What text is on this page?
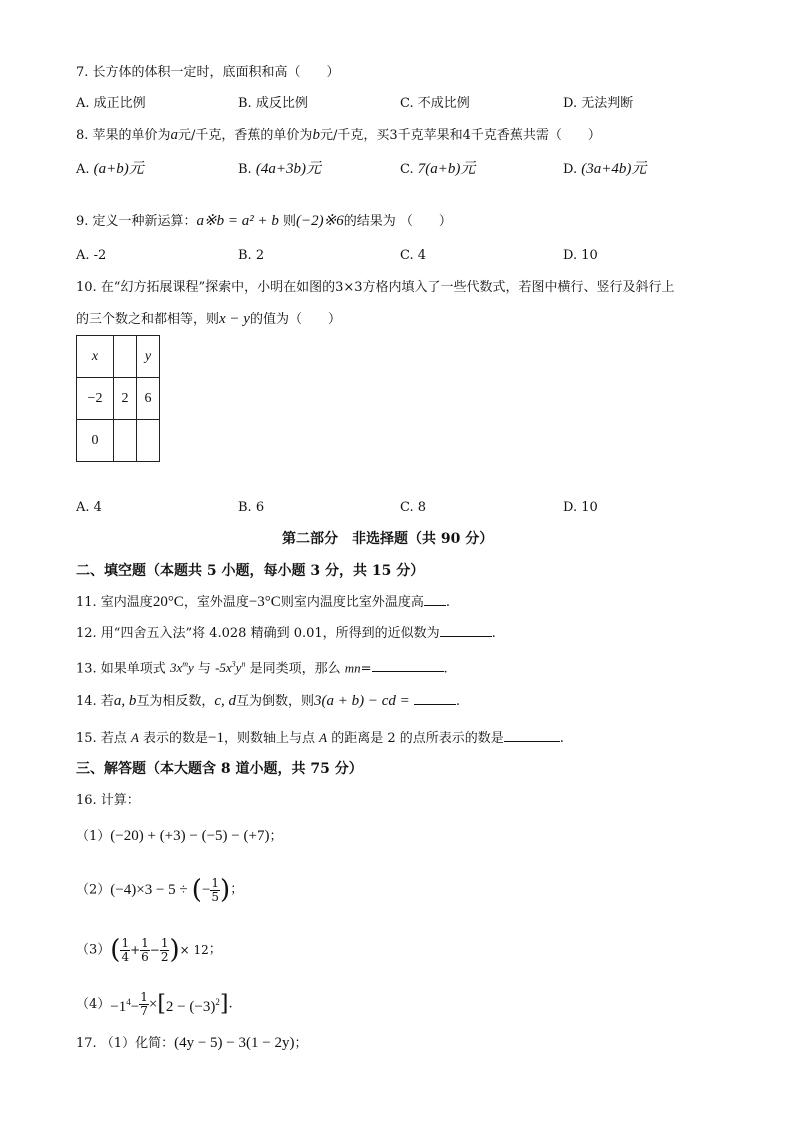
7. 长方体的体积一定时，底面积和高（　　）
A. 成正比例	B. 成反比例	C. 不成比例	D. 无法判断
8. 苹果的单价为a元/千克，香蕉的单价为b元/千克，买3千克苹果和4千克香蕉共需（　　）
A. (a+b)元	B. (4a+3b)元	C. 7(a+b)元	D. (3a+4b)元
9. 定义一种新运算：a※b = a² + b 则(−2)※6的结果为 （　　）
A. -2	B. 2	C. 4	D. 10
10. 在“幻方拓展课程”探索中，小明在如图的3×3方格内填入了一些代数式，若图中横行、竖行及斜行上
的三个数之和都相等，则x − y的值为（　　）
x		y
−2	2	6
0		
A. 4	B. 6	C. 8	D. 10
第二部分　非选择题（共 90 分）
二、填空题（本题共 5 小题，每小题 3 分，共 15 分）
11. 室内温度20°C，室外温度−3°C则室内温度比室外温度高 .
12. 用“四舍五入法”将 4.028 精确到 0.01，所得到的近似数为	.
13. 如果单项式 $3x^my$ 与 $-5x^3y^n$ 是同类项，那么 mn=	.
14. 若a, b互为相反数，c, d互为倒数，则3(a + b) − cd =	.
15. 若点 A 表示的数是−1，则数轴上与点 A 的距离是 2 的点所表示的数是	.
三、解答题（本大题含 8 道小题，共 75 分）
16. 计算：
（1）(−20) + (+3) − (−5) − (+7)；
（2）(−4)×3 − 5 ÷ (− $\frac{1}{5}$ )；
$(3)( \frac{1}{4} + \frac{1}{6} - \frac{1}{2}$ )× 12；
$(4)-1^4- \frac{1}{7} \times[2 - (-3)^2]$.
17. （1）化简：(4y − 5) − 3(1 − 2y)；
